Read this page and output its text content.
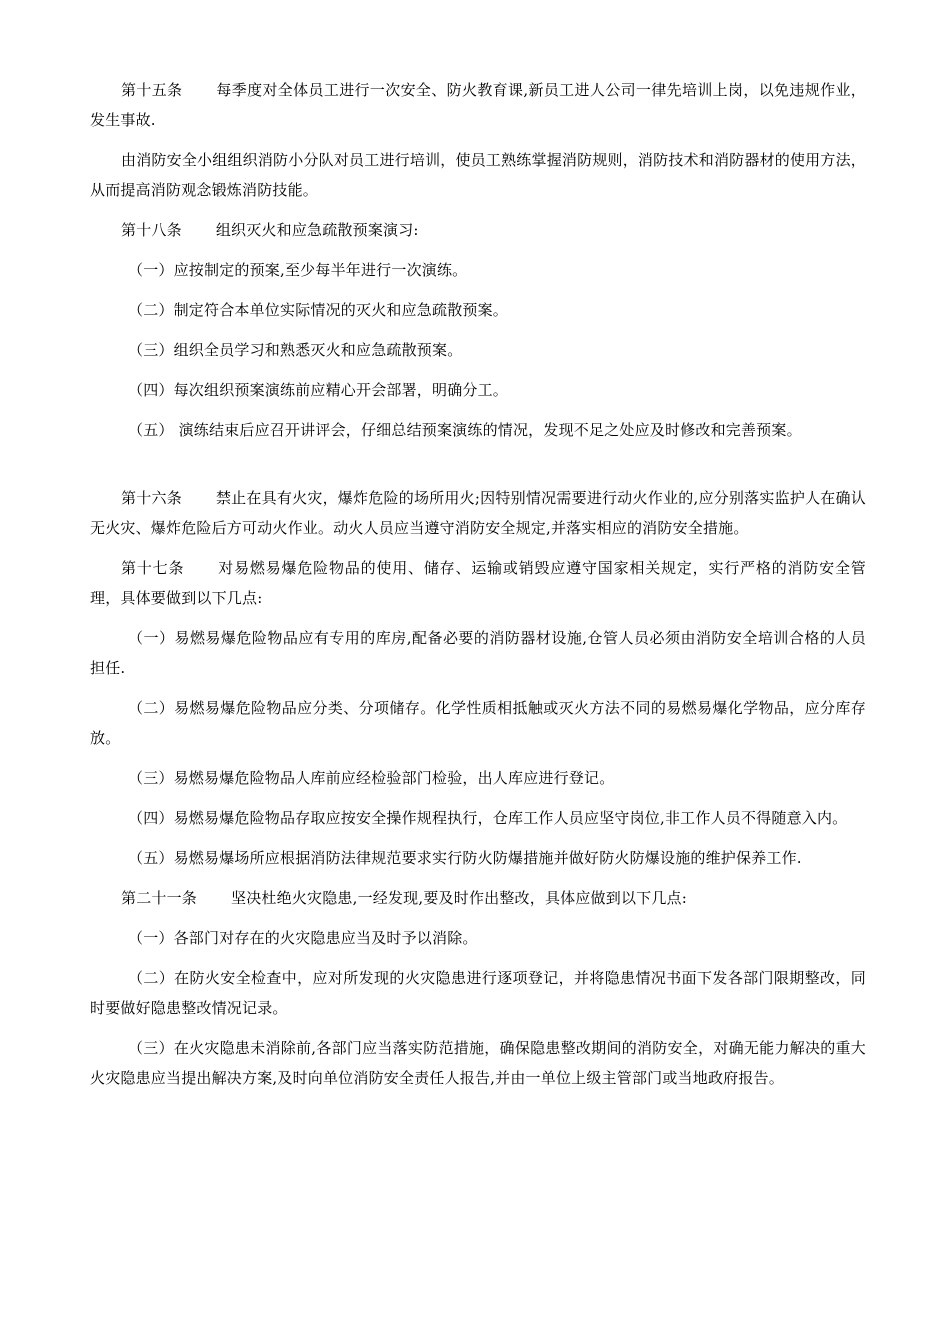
第十五条 每季度对全体员工进行一次安全、防火教育课,新员工进人公司一律先培训上岗，以免违规作业，发生事故.

由消防安全小组组织消防小分队对员工进行培训，使员工熟练掌握消防规则，消防技术和消防器材的使用方法，从而提高消防观念锻炼消防技能。

第十八条 组织灭火和应急疏散预案演习:

（一）应按制定的预案,至少每半年进行一次演练。

（二）制定符合本单位实际情况的灭火和应急疏散预案。

（三）组织全员学习和熟悉灭火和应急疏散预案。

（四）每次组织预案演练前应精心开会部署，明确分工。

（五） 演练结束后应召开讲评会，仔细总结预案演练的情况，发现不足之处应及时修改和完善预案。

第十六条 禁止在具有火灾，爆炸危险的场所用火;因特别情况需要进行动火作业的,应分别落实监护人在确认无火灾、爆炸危险后方可动火作业。动火人员应当遵守消防安全规定,并落实相应的消防安全措施。

第十七条 对易燃易爆危险物品的使用、储存、运输或销毁应遵守国家相关规定，实行严格的消防安全管理，具体要做到以下几点:

（一）易燃易爆危险物品应有专用的库房,配备必要的消防器材设施,仓管人员必须由消防安全培训合格的人员担任.

（二）易燃易爆危险物品应分类、分项储存。化学性质相抵触或灭火方法不同的易燃易爆化学物品，应分库存放。

（三）易燃易爆危险物品人库前应经检验部门检验，出人库应进行登记。

（四）易燃易爆危险物品存取应按安全操作规程执行，仓库工作人员应坚守岗位,非工作人员不得随意入内。

（五）易燃易爆场所应根据消防法律规范要求实行防火防爆措施并做好防火防爆设施的维护保养工作.

第二十一条 坚决杜绝火灾隐患,一经发现,要及时作出整改，具体应做到以下几点:

（一）各部门对存在的火灾隐患应当及时予以消除。

（二）在防火安全检查中，应对所发现的火灾隐患进行逐项登记，并将隐患情况书面下发各部门限期整改，同时要做好隐患整改情况记录。

（三）在火灾隐患未消除前,各部门应当落实防范措施，确保隐患整改期间的消防安全，对确无能力解决的重大火灾隐患应当提出解决方案,及时向单位消防安全责任人报告,并由一单位上级主管部门或当地政府报告。
